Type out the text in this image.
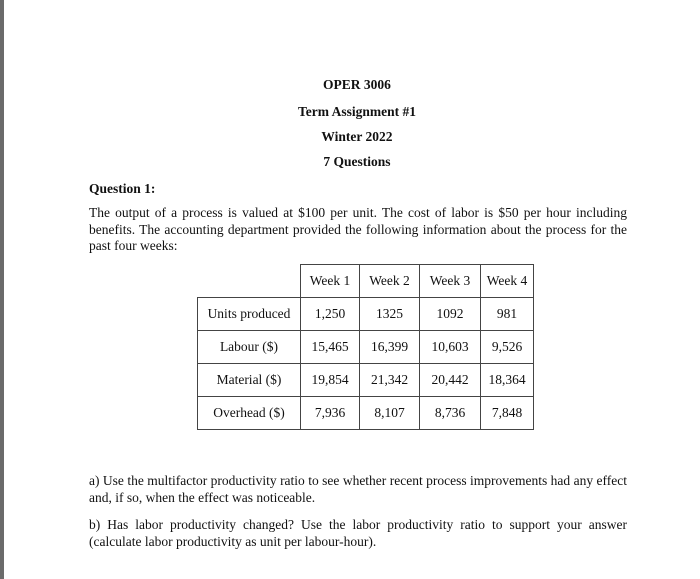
OPER 3006
Term Assignment #1
Winter 2022
7 Questions
Question 1:
The output of a process is valued at $100 per unit. The cost of labor is $50 per hour including benefits. The accounting department provided the following information about the process for the past four weeks:
	Week 1	Week 2	Week 3	Week 4
Units produced	1,250	1325	1092	981
Labour ($)	15,465	16,399	10,603	9,526
Material ($)	19,854	21,342	20,442	18,364
Overhead ($)	7,936	8,107	8,736	7,848
a) Use the multifactor productivity ratio to see whether recent process improvements had any effect and, if so, when the effect was noticeable.
b) Has labor productivity changed? Use the labor productivity ratio to support your answer (calculate labor productivity as unit per labour-hour).
